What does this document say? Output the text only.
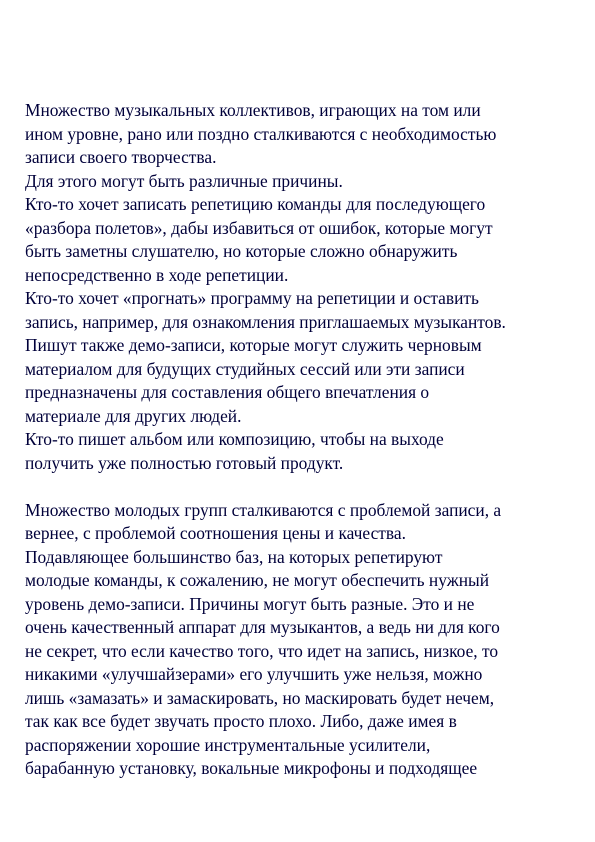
Множество музыкальных коллективов, играющих на том или
ином уровне, рано или поздно сталкиваются с необходимостью
записи своего творчества.
Для этого могут быть различные причины.
Кто-то хочет записать репетицию команды для последующего
«разбора полетов», дабы избавиться от ошибок, которые могут
быть заметны слушателю, но которые сложно обнаружить
непосредственно в ходе репетиции.
Кто-то хочет «прогнать» программу на репетиции и оставить
запись, например, для ознакомления приглашаемых музыкантов.
Пишут также демо-записи, которые могут служить черновым
материалом для будущих студийных сессий или эти записи
предназначены для составления общего впечатления о
материале для других людей.
Кто-то пишет альбом или композицию, чтобы на выходе
получить уже полностью готовый продукт.
Множество молодых групп сталкиваются с проблемой записи, а
вернее, с проблемой соотношения цены и качества.
Подавляющее большинство баз, на которых репетируют
молодые команды, к сожалению, не могут обеспечить нужный
уровень демо-записи. Причины могут быть разные. Это и не
очень качественный аппарат для музыкантов, а ведь ни для кого
не секрет, что если качество того, что идет на запись, низкое, то
никакими «улучшайзерами» его улучшить уже нельзя, можно
лишь «замазать» и замаскировать, но маскировать будет нечем,
так как все будет звучать просто плохо. Либо, даже имея в
распоряжении хорошие инструментальные усилители,
барабанную установку, вокальные микрофоны и подходящее
